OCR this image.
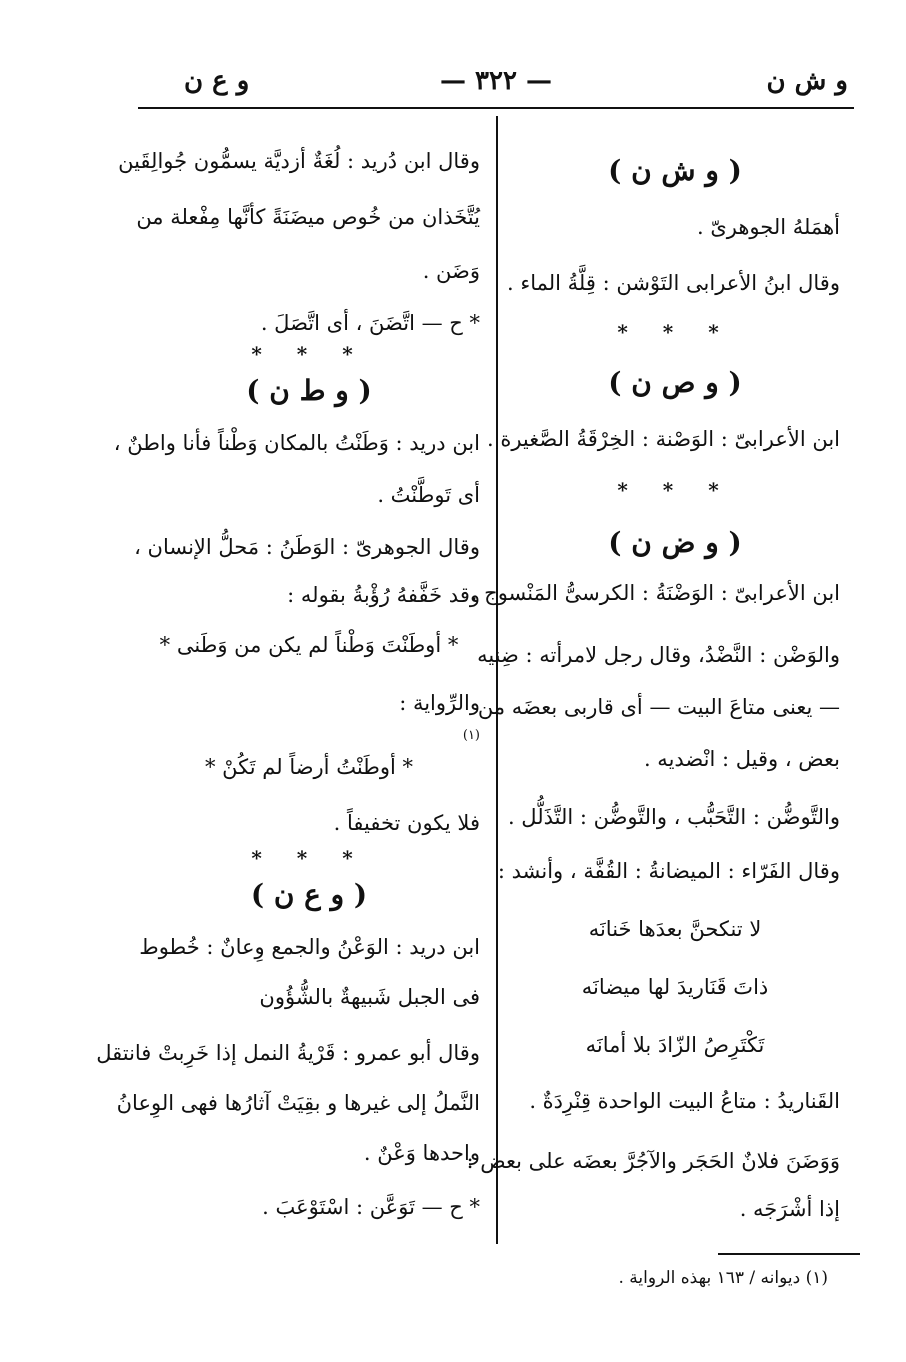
و ش ن
— ٣٢٢ —
و ع ن
( و ش ن )
أهمَلهُ الجوهرىّ .
وقال ابنُ الأعرابى التَوْشن : قِلَّةُ الماء .
* * *
( و ص ن )
ابن الأعرابىّ : الوَصْنة : الخِرْقَةُ الصَّغيرة .
* * *
( و ض ن )
ابن الأعرابىّ : الوَضْنَةُ : الكرسىُّ المَنْسوج .
والوَضْن : النَّضْدُ، وقال رجل لامرأته : ضِنيه
— يعنى متاعَ البيت — أى قاربى بعضَه من
بعض ، وقيل : انْضديه .
والتَّوضُّن : التَّحَبُّب ، والتَّوضُّن : التَّذَلُّل .
وقال الفَرّاء : الميضانةُ : القُفَّة ، وأنشد :
لا تنكحنَّ بعدَها خَنانَه
ذاتَ قَنَاريدَ لها ميضانَه
تَكْتَرِصُ الزّادَ بلا أمانَه
القَناريدُ : متاعُ البيت الواحدة قِنْرِدَةٌ .
وَوَضَنَ فلانٌ الحَجَر والآجُرَّ بعضَه على بعض :
إذا أشْرَجَه .
وقال ابن دُريد : لُغَةٌ أزديَّة يسمُّون جُوالِقَين
يُتَّخَذان من خُوص ميضَنَةً كأنَّها مِفْعلة من
وَضَن .
* ح — اتَّضَنَ ، أى اتَّصَلَ .
* * *
( و ط ن )
ابن دريد : وَطَنْتُ بالمكان وَطْناً فأنا واطنٌ ،
أى تَوطَّنْتُ .
وقال الجوهرىّ : الوَطَنُ : مَحلُّ الإنسان ،
وقد خَفَّفهُ رُؤْبةُ بقوله :
* أوطَنْتَ وَطْناً لم يكن من وَطَنى *
والرِّواية :
(١)
* أوطَنْتُ أرضاً لم تَكُنْ *
فلا يكون تخفيفاً .
* * *
( و ع ن )
ابن دريد : الوَعْنُ والجمع وِعانٌ : خُطوط
فى الجبل شَبيهةٌ بالشُّؤُون
وقال أبو عمرو : قَرْيةُ النمل إذا خَرِبتْ فانتقل
النَّملُ إلى غيرها و بقِيَتْ آثارُها فهى الوِعانُ
واحدها وَعْنٌ .
* ح — تَوَعَّن : اسْتَوْعَبَ .
(١) ديوانه / ١٦٣ بهذه الرواية .
